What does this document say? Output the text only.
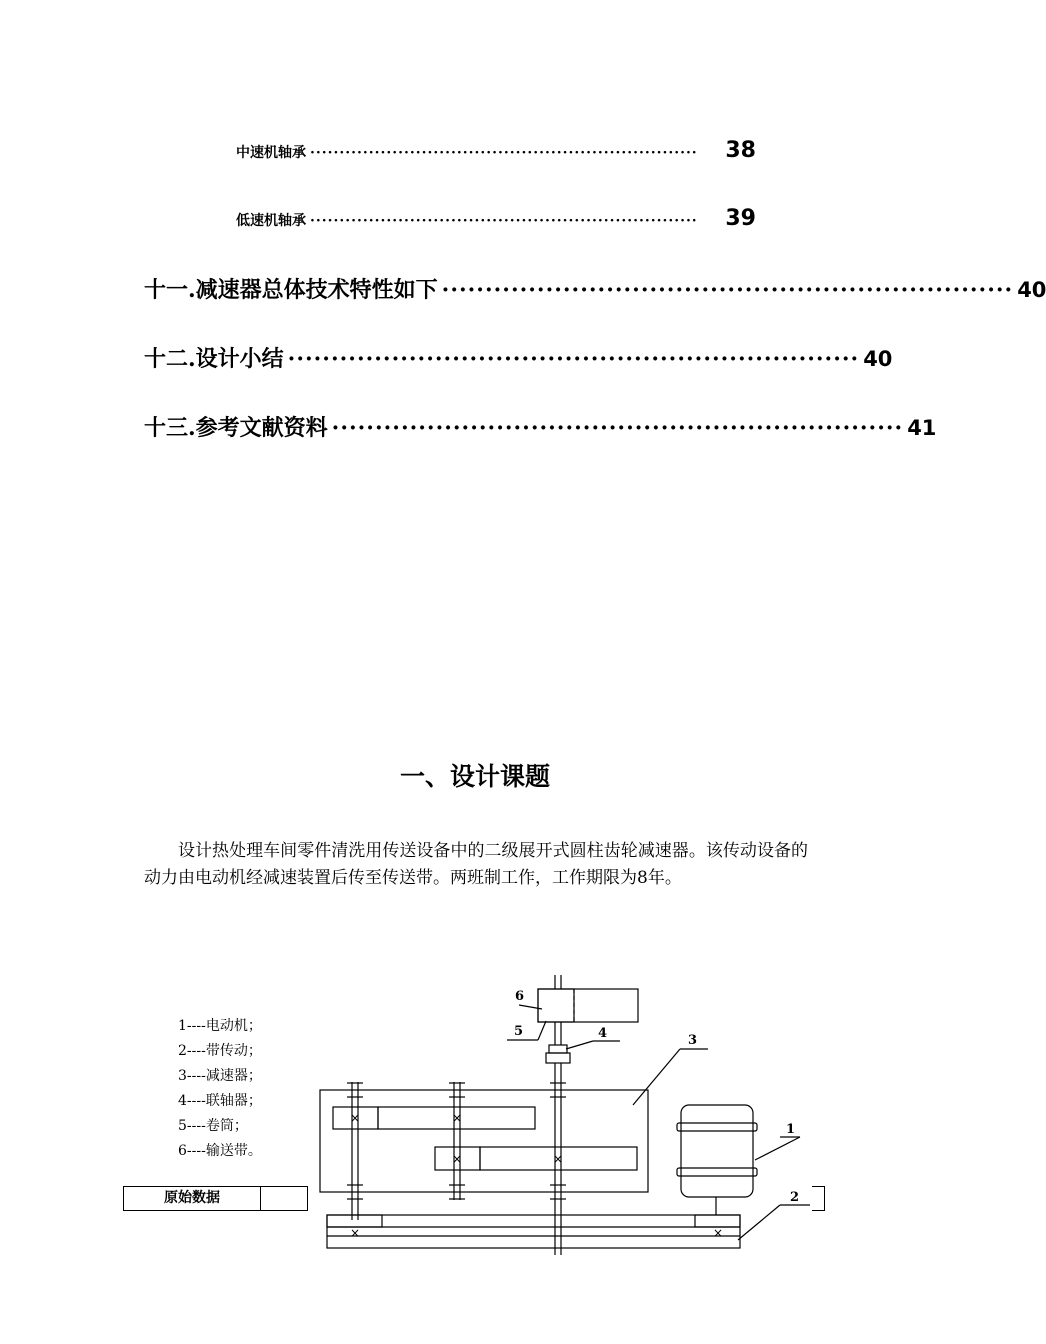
中速机轴承 ··································································	38
低速机轴承 ··································································	39
十一.减速器总体技术特性如下 ·································································· 40
十二.设计小结 ·································································· 40
十三.参考文献资料 ·································································· 41
一、设计课题

设计热处理车间零件清洗用传送设备中的二级展开式圆柱齿轮减速器。该传动设备的动力由电动机经减速装置后传至传送带。两班制工作，工作期限为8年。

1----电动机；
2----带传动；
3----减速器；
4----联轴器；
5----卷筒；
6----输送带。
原始数据
×	×
×	×
×	×
6
5	4	3
1
2
